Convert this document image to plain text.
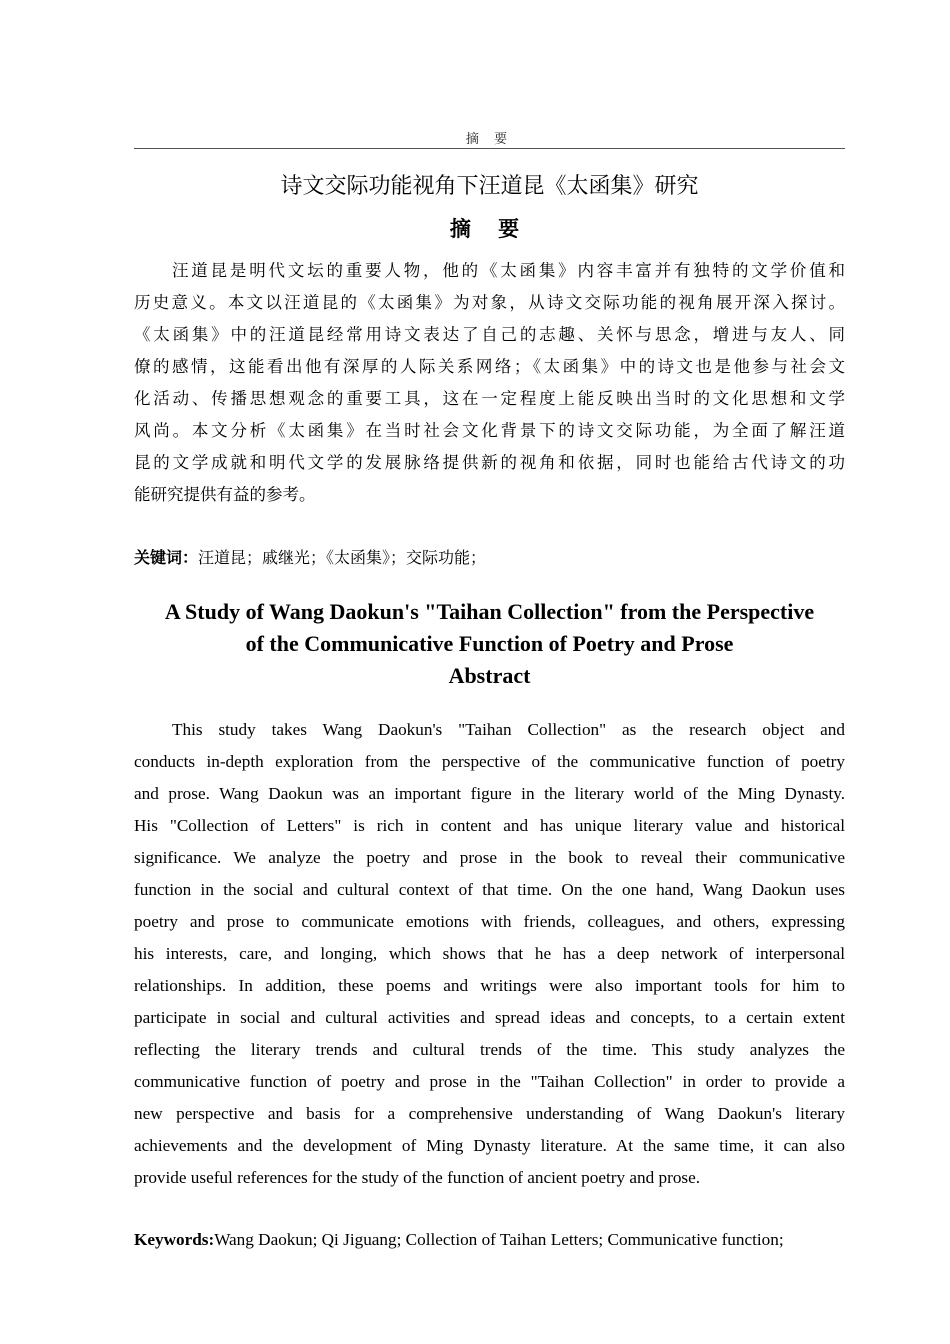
摘 要
诗文交际功能视角下汪道昆《太函集》研究
摘 要
汪道昆是明代文坛的重要人物，他的《太函集》内容丰富并有独特的文学价值和
历史意义。本文以汪道昆的《太函集》为对象，从诗文交际功能的视角展开深入探讨。
《太函集》中的汪道昆经常用诗文表达了自己的志趣、关怀与思念，增进与友人、同
僚的感情，这能看出他有深厚的人际关系网络；《太函集》中的诗文也是他参与社会文
化活动、传播思想观念的重要工具，这在一定程度上能反映出当时的文化思想和文学
风尚。本文分析《太函集》在当时社会文化背景下的诗文交际功能，为全面了解汪道
昆的文学成就和明代文学的发展脉络提供新的视角和依据，同时也能给古代诗文的功
能研究提供有益的参考。
关键词：汪道昆；戚继光；《太函集》；交际功能；
A Study of Wang Daokun's "Taihan Collection" from the Perspective
of the Communicative Function of Poetry and Prose
Abstract
This study takes Wang Daokun's "Taihan Collection" as the research object and
conducts in-depth exploration from the perspective of the communicative function of poetry
and prose. Wang Daokun was an important figure in the literary world of the Ming Dynasty.
His "Collection of Letters" is rich in content and has unique literary value and historical
significance. We analyze the poetry and prose in the book to reveal their communicative
function in the social and cultural context of that time. On the one hand, Wang Daokun uses
poetry and prose to communicate emotions with friends, colleagues, and others, expressing
his interests, care, and longing, which shows that he has a deep network of interpersonal
relationships. In addition, these poems and writings were also important tools for him to
participate in social and cultural activities and spread ideas and concepts, to a certain extent
reflecting the literary trends and cultural trends of the time. This study analyzes the
communicative function of poetry and prose in the "Taihan Collection" in order to provide a
new perspective and basis for a comprehensive understanding of Wang Daokun's literary
achievements and the development of Ming Dynasty literature. At the same time, it can also
provide useful references for the study of the function of ancient poetry and prose.
Keywords:Wang Daokun; Qi Jiguang; Collection of Taihan Letters; Communicative function;
